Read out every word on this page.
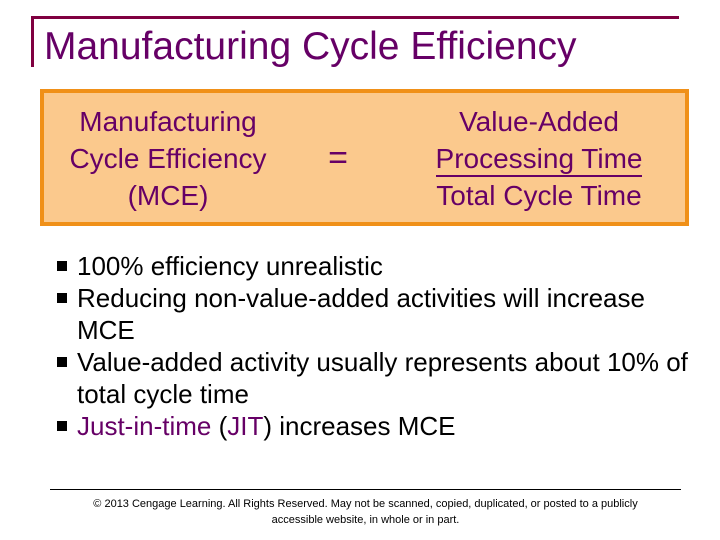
Manufacturing Cycle Efficiency
Manufacturing
Cycle Efficiency
(MCE)
=
Value-Added
Processing Time
Total Cycle Time
100% efficiency unrealistic
Reducing non-value-added activities will increase MCE
Value-added activity usually represents about 10% of total cycle time
Just-in-time (JIT) increases MCE
© 2013 Cengage Learning. All Rights Reserved. May not be scanned, copied, duplicated, or posted to a publicly
accessible website, in whole or in part.
